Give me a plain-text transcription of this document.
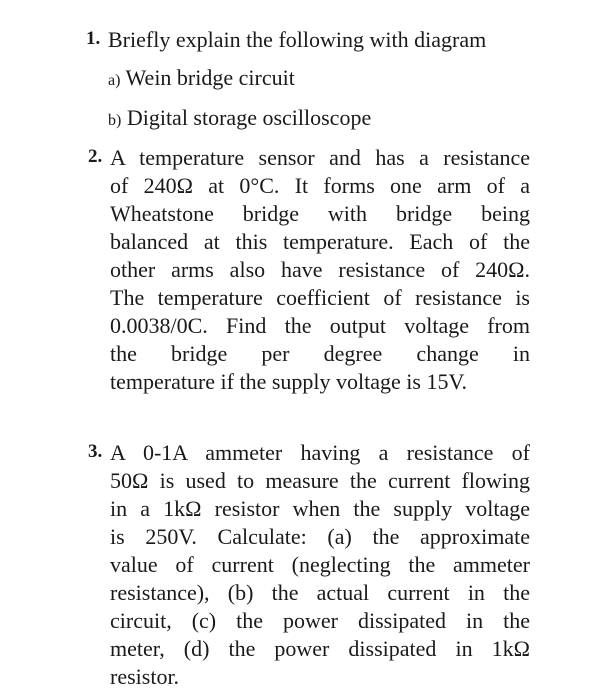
1. Briefly explain the following with diagram
a) Wein bridge circuit
b) Digital storage oscilloscope
2. A temperature sensor and has a resistance
of 240Ω at 0°C. It forms one arm of a
Wheatstone bridge with bridge being
balanced at this temperature. Each of the
other arms also have resistance of 240Ω.
The temperature coefficient of resistance is
0.0038/0C. Find the output voltage from
the bridge per degree change in
temperature if the supply voltage is 15V.
3. A 0-1A ammeter having a resistance of
50Ω is used to measure the current flowing
in a 1kΩ resistor when the supply voltage
is 250V. Calculate: (a) the approximate
value of current (neglecting the ammeter
resistance), (b) the actual current in the
circuit, (c) the power dissipated in the
meter, (d) the power dissipated in 1kΩ
resistor.
